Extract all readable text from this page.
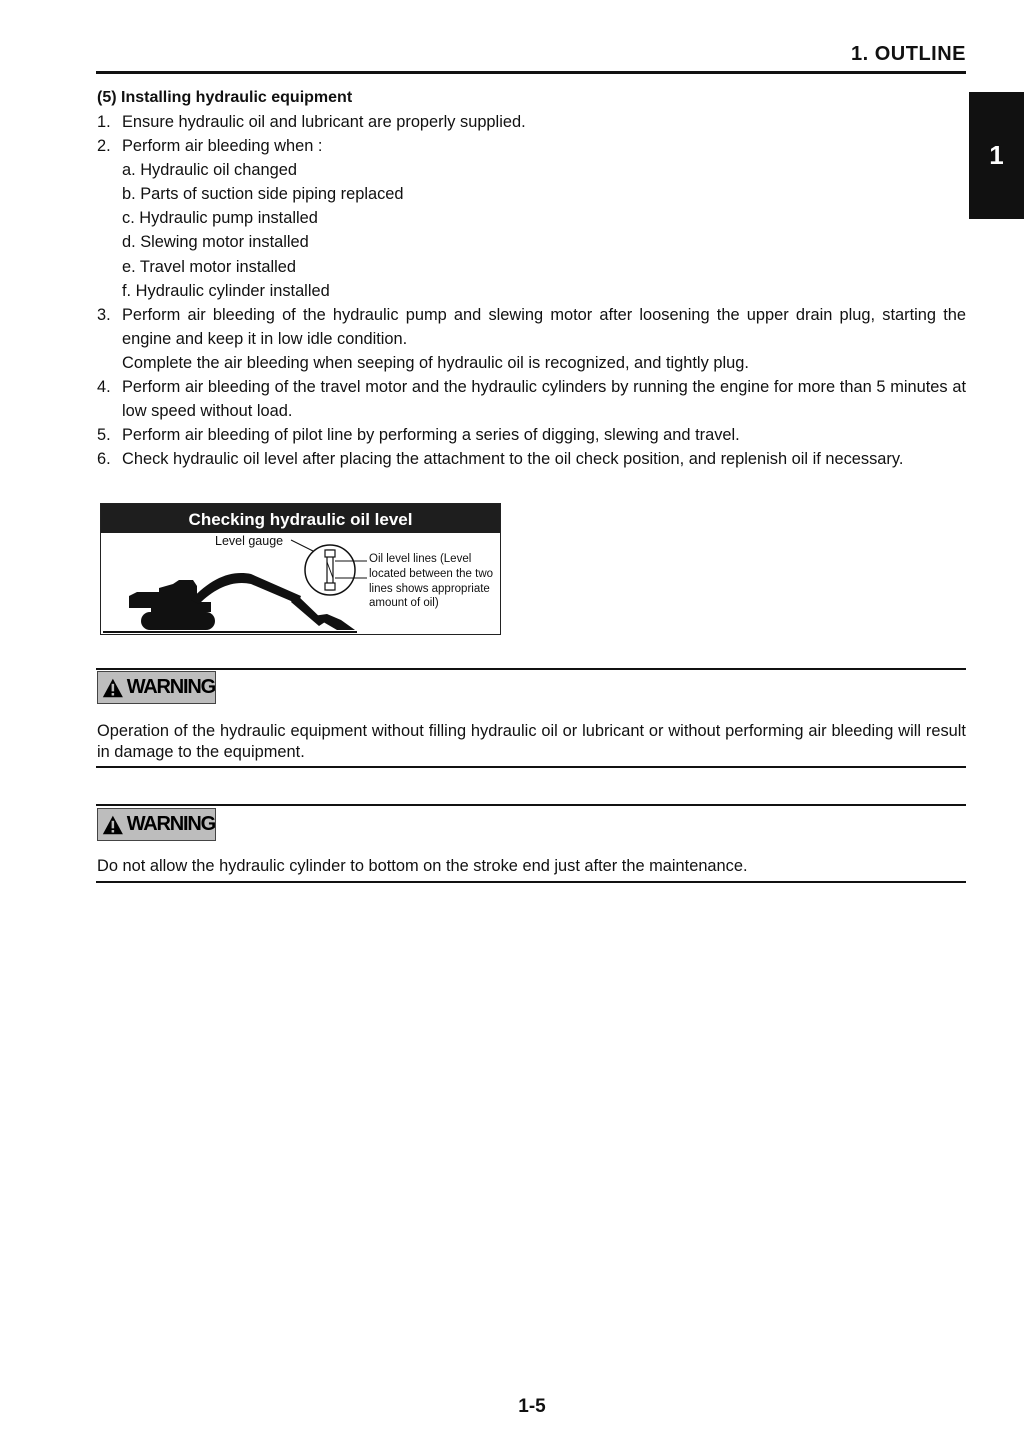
1. OUTLINE
1
(5) Installing hydraulic equipment
1. Ensure hydraulic oil and lubricant are properly supplied.
2. Perform air bleeding when :
a. Hydraulic oil changed
b. Parts of suction side piping replaced
c. Hydraulic pump installed
d. Slewing motor installed
e. Travel motor installed
f. Hydraulic cylinder installed
3. Perform air bleeding of the hydraulic pump and slewing motor after loosening the upper drain plug, starting the engine and keep it in low idle condition.
Complete the air bleeding when seeping of hydraulic oil is recognized, and tightly plug.
4. Perform air bleeding of the travel motor and the hydraulic cylinders by running the engine for more than 5 minutes at low speed without load.
5. Perform air bleeding of pilot line by performing a series of digging, slewing and travel.
6. Check hydraulic oil level after placing the attachment to the oil check position, and replenish oil if necessary.
Checking hydraulic oil level
Level gauge
Oil level lines (Level located between the two lines shows appropriate amount of oil)
WARNING
Operation of the hydraulic equipment without filling hydraulic oil or lubricant or without performing air bleeding will result in damage to the equipment.
WARNING
Do not allow the hydraulic cylinder to bottom on the stroke end just after the maintenance.
1-5
